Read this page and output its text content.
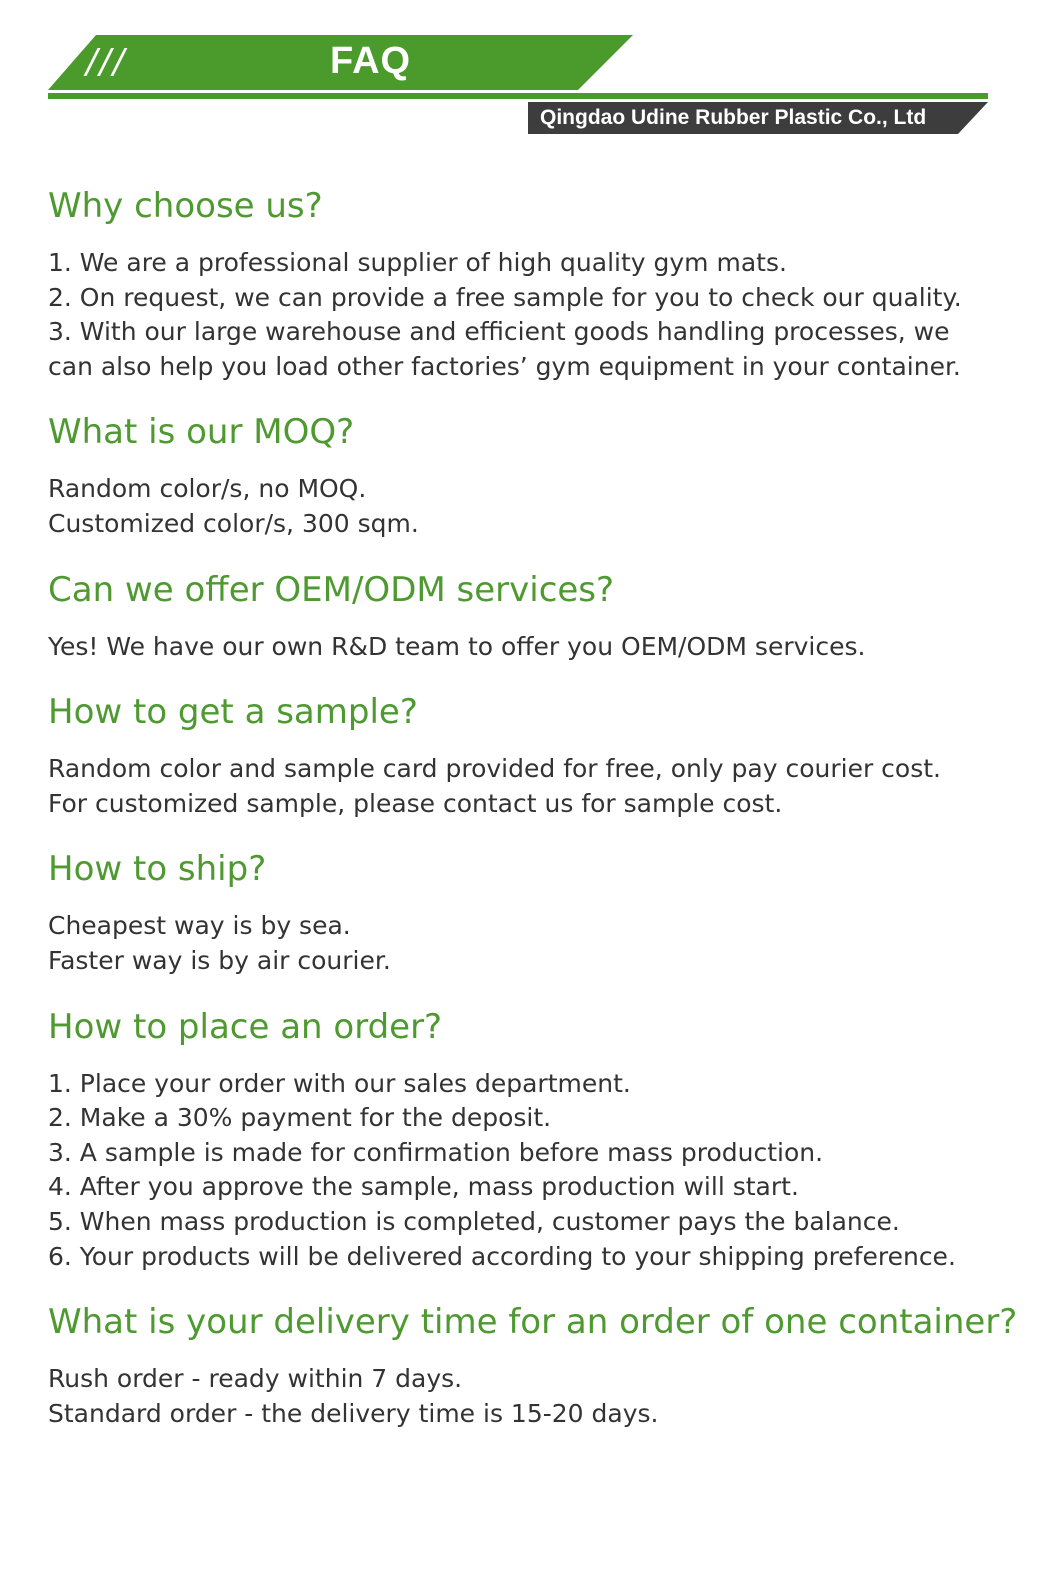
///	FAQ
Qingdao Udine Rubber Plastic Co., Ltd
Why choose us?
1. We are a professional supplier of high quality gym mats.
2. On request, we can provide a free sample for you to check our quality.
3. With our large warehouse and efficient goods handling processes, we
can also help you load other factories’ gym equipment in your container.
What is our MOQ?
Random color/s, no MOQ.
Customized color/s, 300 sqm.
Can we offer OEM/ODM services?
Yes! We have our own R&D team to offer you OEM/ODM services.
How to get a sample?
Random color and sample card provided for free, only pay courier cost.
For customized sample, please contact us for sample cost.
How to ship?
Cheapest way is by sea.
Faster way is by air courier.
How to place an order?
1. Place your order with our sales department.
2. Make a 30% payment for the deposit.
3. A sample is made for confirmation before mass production.
4. After you approve the sample, mass production will start.
5. When mass production is completed, customer pays the balance.
6. Your products will be delivered according to your shipping preference.
What is your delivery time for an order of one container?
Rush order - ready within 7 days.
Standard order - the delivery time is 15-20 days.
